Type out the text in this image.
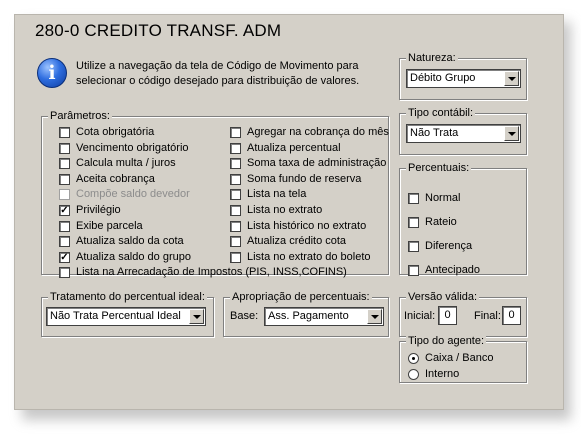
280-0 CREDITO TRANSF. ADM
i	Utilize a navegação da tela de Código de Movimento para selecionar o código desejado para distribuição de valores.
Natureza:
Débito Grupo
Tipo contábil:
Não Trata
Parâmetros:
Cota obrigatória
Vencimento obrigatório
Calcula multa / juros
Aceita cobrança
Compõe saldo devedor
✓ Privilégio
Exibe parcela
Atualiza saldo da cota
✓ Atualiza saldo do grupo
Agregar na cobrança do mês
Atualiza percentual
Soma taxa de administração
Soma fundo de reserva
Lista na tela
Lista no extrato
Lista histórico no extrato
Atualiza crédito cota
Lista no extrato do boleto
Lista na Arrecadação de Impostos (PIS, INSS,COFINS)
Percentuais:
Normal
Rateio
Diferença
Antecipado
Tratamento do percentual ideal:
Não Trata Percentual Ideal
Apropriação de percentuais:
Base: Ass. Pagamento
Versão válida:
Inicial: 0	Final: 0
Tipo do agente:
Caixa / Banco
Interno
